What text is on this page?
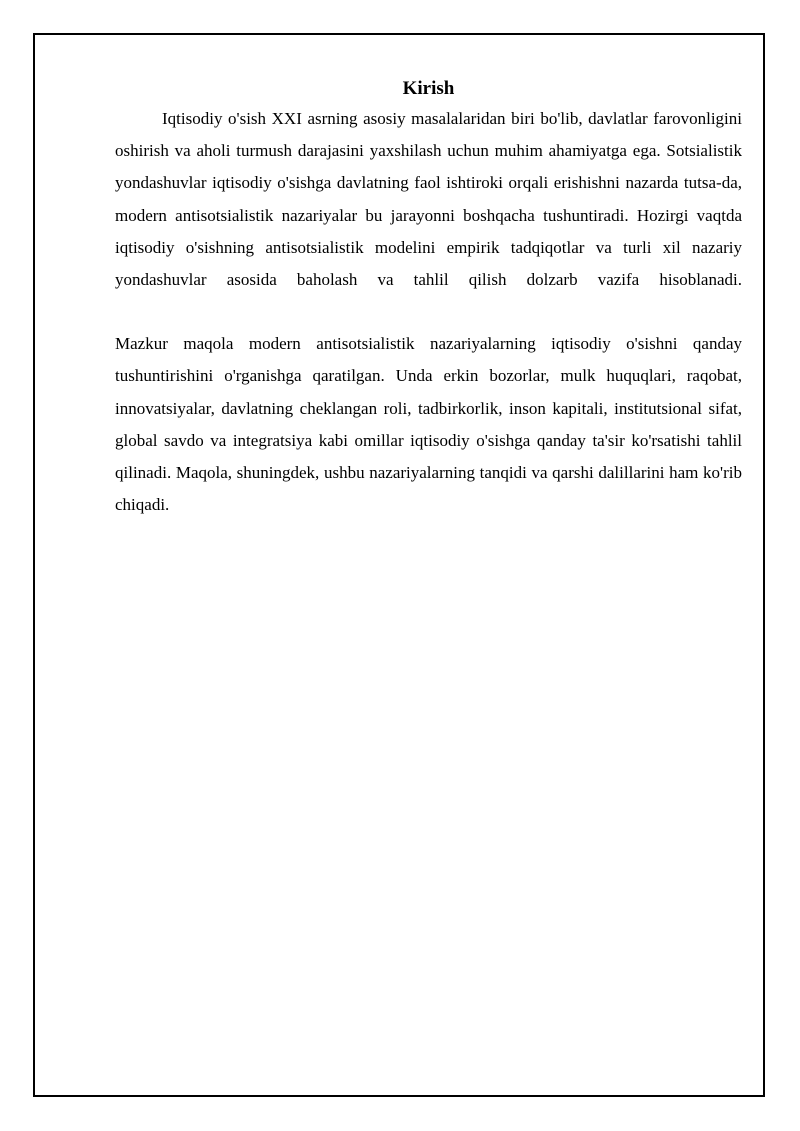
Kirish

Iqtisodiy o'sish XXI asrning asosiy masalalaridan biri bo'lib, davlatlar farovonligini oshirish va aholi turmush darajasini yaxshilash uchun muhim ahamiyatga ega. Sotsialistik yondashuvlar iqtisodiy o'sishga davlatning faol ishtiroki orqali erishishni nazarda tutsa-da, modern antisotsialistik nazariyalar bu jarayonni boshqacha tushuntiradi. Hozirgi vaqtda iqtisodiy o'sishning antisotsialistik modelini empirik tadqiqotlar va turli xil nazariy yondashuvlar asosida baholash va tahlil qilish dolzarb vazifa hisoblanadi.

Mazkur maqola modern antisotsialistik nazariyalarning iqtisodiy o'sishni qanday tushuntirishini o'rganishga qaratilgan. Unda erkin bozorlar, mulk huquqlari, raqobat, innovatsiyalar, davlatning cheklangan roli, tadbirkorlik, inson kapitali, institutsional sifat, global savdo va integratsiya kabi omillar iqtisodiy o'sishga qanday ta'sir ko'rsatishi tahlil qilinadi. Maqola, shuningdek, ushbu nazariyalarning tanqidi va qarshi dalillarini ham ko'rib chiqadi.
